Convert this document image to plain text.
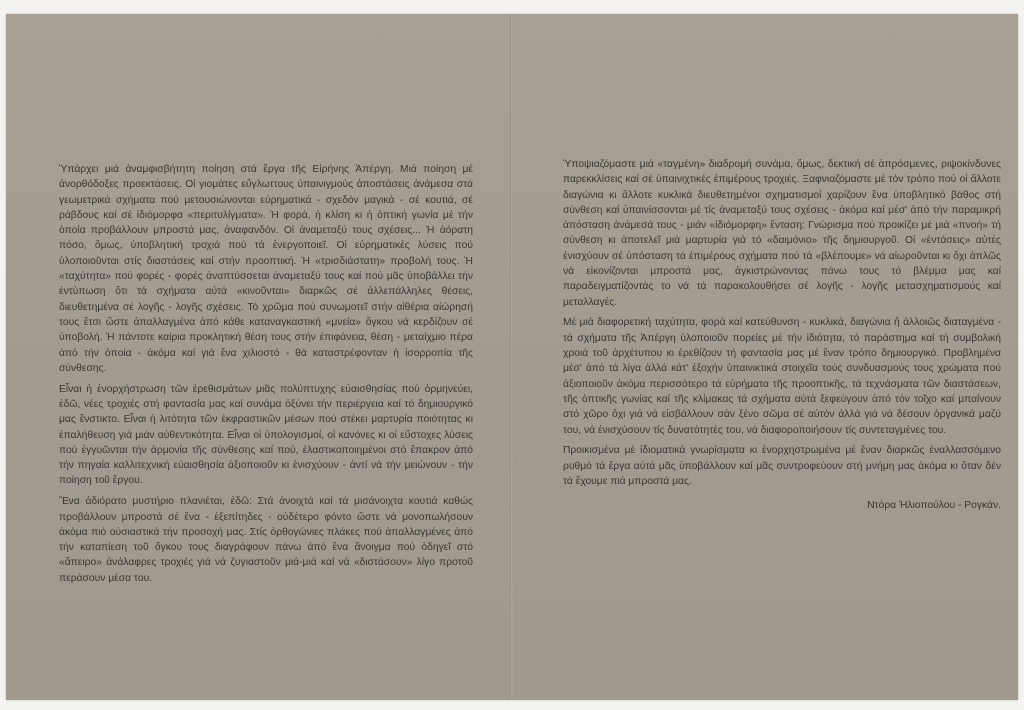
Ὑπάρχει μιά ἀναμφισβήτητη ποίηση στά ἔργα τῆς Εἰρήνης Ἀπέργη. Μιά ποίηση μέ ἀνορθόδοξες προεκτάσεις. Οἱ γιομάτες εὔγλωττους ὑπαινιγμούς ἀποστάσεις ἀνάμεσα στά γεωμετρικά σχήματα πού μετουσιώνονται εὐρηματικά - σχεδόν μαγικά - σέ κουτιά, σέ ράβδους καί σέ ἰδιόμορφα «περιτυλίγματα». Ἡ φορά, ἡ κλίση κι ἡ ὀπτική γωνία μέ τήν ὁποία προβάλλουν μπροστά μας, ἀναφανδόν. Οἱ ἀναμεταξύ τους σχέσεις... Ἡ ἀόρατη πόσο, ὅμως, ὑποβλητική τροχιά πού τά ἐνεργοποιεῖ. Οἱ εὐρηματικές λύσεις πού ὑλοποιοῦνται στίς διαστάσεις καί στήν προοπτική. Ἡ «τρισδιάστατη» προβολή τους. Ἡ «ταχύτητα» πού φορές - φορές ἀναπτύσσεται ἀναμεταξύ τους καί πού μᾶς ὑποβάλλει τήν ἐντύπωση ὅτι τά σχήματα αὐτά «κινοῦνται» διαρκῶς σέ ἀλλεπάλληλες θέσεις, διευθετημένα σέ λογῆς - λογῆς σχέσεις. Τό χρῶμα πού συνωμοτεῖ στήν αἰθέρια αἰώρησή τους ἔτσι ὥστε ἀπαλλαγμένα ἀπό κάθε καταναγκαστική «μνεία» ὄγκου νά κερδίζουν σέ ὑποβολή. Ἡ πάντοτε καίρια προκλητική θέση τους στήν ἐπιφάνεια, θέση - μεταίχμιο πέρα ἀπό τήν ὁποία - ἀκόμα καί γιά ἕνα χιλιοστό - θά καταστρέφονταν ἡ ἰσορροπία τῆς σύνθεσης.

Εἶναι ἡ ἐνορχήστρωση τῶν ἐρεθισμάτων μιᾶς πολύπτυχης εὐαισθησίας πού ὁρμηνεύει, ἐδῶ, νέες τροχιές στή φαντασία μας καί συνάμα ὀξύνει τήν περιέργεια καί τό δημιουργικό μας ἔνστικτο. Εἶναι ἡ λιτότητα τῶν ἐκφραστικῶν μέσων πού στέκει μαρτυρία ποιότητας κι ἐπαλήθευση γιά μιάν αὐθεντικότητα. Εἶναι οἱ ὑπολογισμοί, οἱ κανόνες κι οἱ εὔστοχες λύσεις πού ἐγγυῶνται τήν ἁρμονία τῆς σύνθεσης καί πού, ἐλαστικοποιημένοι στό ἔπακρον ἀπό τήν πηγαία καλλιτεχνική εὐαισθησία ἀξιοποιοῦν κι ἐνισχύουν - ἀντί νά τήν μειώνουν - τήν ποίηση τοῦ ἔργου.

Ἕνα ἀδιόρατο μυστήριο πλανιέται, ἐδῶ: Στά ἀνοιχτά καί τά μισάνοιχτα κουτιά καθώς προβάλλουν μπροστά σέ ἕνα - ἐξεπίτηδες - οὐδέτερο φόντο ὥστε νά μονοπωλήσουν ἀκόμα πιό οὐσιαστικά τήν προσοχή μας. Στίς ὀρθογώνιες πλάκες πού ἀπαλλαγμένες ἀπό τήν καταπίεση τοῦ ὄγκου τους διαγράφουν πάνω ἀπό ἕνα ἄνοιγμα πού ὁδηγεῖ στό «ἄπειρο» ἀνάλαφρες τροχιές γιά νά ζυγιαστοῦν μιά-μιά καί νά «διστάσουν» λίγο προτοῦ περάσουν μέσα του.

Ὑποψιαζόμαστε μιά «ταγμένη» διαδρομή συνάμα, ὅμως, δεκτική σέ ἀπρόσμενες, ριψοκίνδυνες παρεκκλίσεις καί σέ ὑπαινιχτικές ἐπιμέρους τροχιές. Ξαφνιαζόμαστε μέ τόν τρόπο πού οἱ ἄλλοτε διαγώνια κι ἄλλοτε κυκλικά διευθετημένοι σχηματισμοί χαρίζουν ἕνα ὑποβλητικό βάθος στή σύνθεση καί ὑπαινίσσονται μέ τίς ἀναμεταξύ τους σχέσεις - ἀκόμα καί μέσ' ἀπό τήν παραμικρή ἀπόσταση ἀνάμεσά τους - μιάν «ἰδιόμορφη» ἔνταση: Γνώρισμα πού προικίζει μέ μιά «πνοή» τή σύνθεση κι ἀποτελεῖ μιά μαρτυρία γιά τό «δαιμόνιο» τῆς δημιουργοῦ. Οἱ «ἐντάσεις» αὐτές ἐνισχύουν σέ ὑπόσταση τά ἐπιμέρους σχήματα πού τά «βλέπουμε» νά αἰωροῦνται κι ὄχι ἁπλῶς νά εἰκονίζονται μπροστά μας, ἀγκιστρώνοντας πάνω τους τό βλέμμα μας καί παραδειγματίζοντάς το νά τά παρακολουθήσει σέ λογῆς - λογῆς μετασχηματισμούς καί μεταλλαγές.

Μέ μιά διαφορετική ταχύτητα, φορά καί κατεύθυνση - κυκλικά, διαγώνια ἤ ἀλλοιῶς διαταγμένα - τά σχήματα τῆς Ἀπέργη ὑλοποιοῦν πορείες μέ τήν ἰδιότητα, τό παράστημα καί τή συμβολική χροιά τοῦ ἀρχέτυπου κι ἐρεθίζουν τή φαντασία μας μέ ἕναν τρόπο δημιουργικό. Προβλημένα μέσ' ἀπό τά λίγα ἀλλά κάτ' ἐξοχήν ὑπαινικτικά στοιχεῖα τούς συνδυασμούς τους χρώματα πού ἀξιοποιοῦν ἀκόμα περισσότερο τά εὐρήματα τῆς προοπτικῆς, τά τεχνάσματα τῶν διαστάσεων, τῆς ὀπτικῆς γωνίας καί τῆς κλίμακας τά σχήματα αὐτά ξεφεύγουν ἀπό τόν τοῖχο καί μπαίνουν στό χῶρο ὄχι γιά νά εἰσβάλλουν σάν ξένο σῶμα σέ αὐτόν ἀλλά γιά νά δέσουν ὀργανικά μαζύ του, νά ἐνισχύσουν τίς δυνατότητές του, νά διαφοροποιήσουν τίς συντεταγμένες του.

Προικισμένα μέ ἰδιοματικά γνωρίσματα κι ἐνορχηστρωμένα μέ ἕναν διαρκῶς ἐναλλασσόμενο ρυθμό τά ἔργα αὐτά μᾶς ὑποβάλλουν καί μᾶς συντροφεύουν στή μνήμη μας ἀκόμα κι ὅταν δέν τά ἔχουμε πιά μπροστά μας.

Ντόρα Ἡλιοπούλου - Ρογκάν.
